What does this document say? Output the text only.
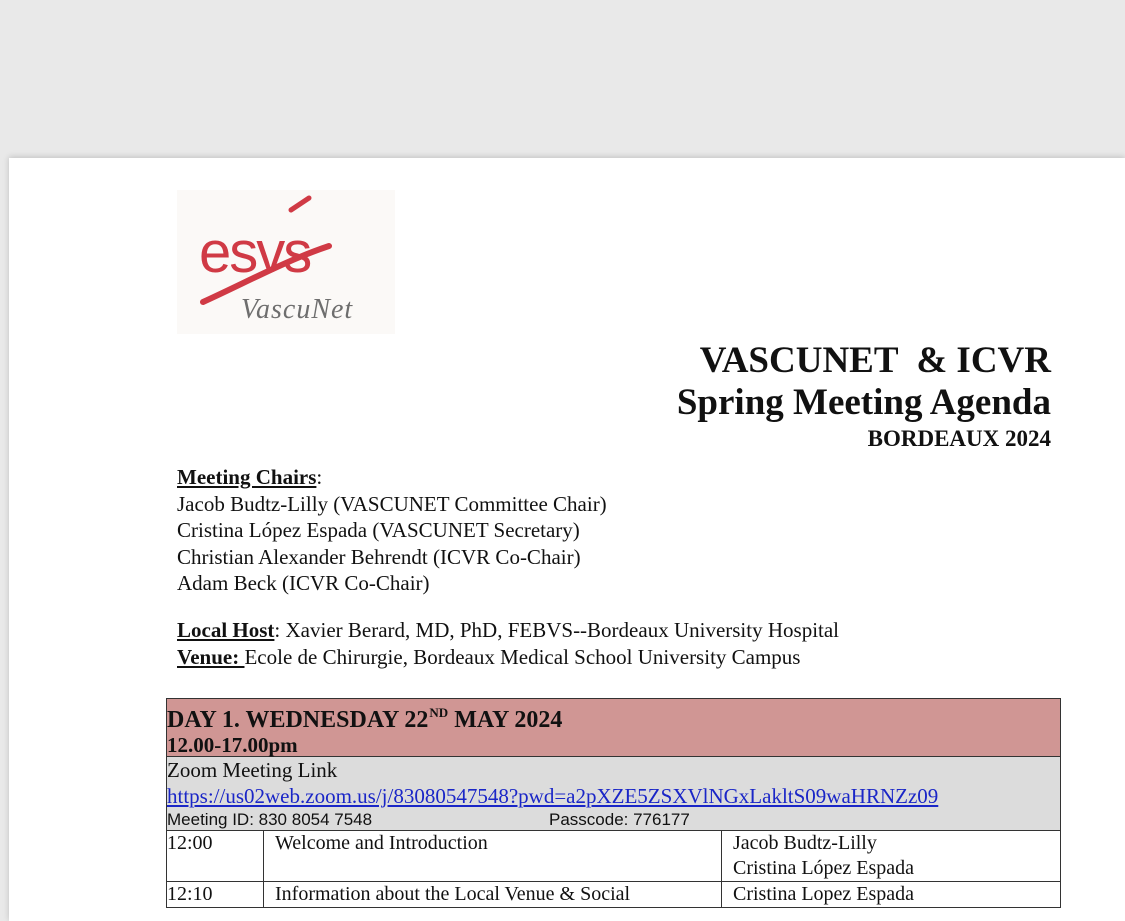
esvs
VascuNet
VASCUNET  & ICVR
Spring Meeting Agenda
BORDEAUX 2024
Meeting Chairs:
Jacob Budtz-Lilly (VASCUNET Committee Chair)
Cristina López Espada (VASCUNET Secretary)
Christian Alexander Behrendt (ICVR Co-Chair)
Adam Beck (ICVR Co-Chair)
Local Host: Xavier Berard, MD, PhD, FEBVS--Bordeaux University Hospital
Venue: Ecole de Chirurgie, Bordeaux Medical School University Campus
DAY 1. WEDNESDAY 22ND MAY 2024
12.00-17.00pm		

Zoom Meeting Link
https://us02web.zoom.us/j/83080547548?pwd=a2pXZE5ZSXVlNGxLakltS09waHRNZz09
Meeting ID: 830 8054 7548 Passcode: 776177		

12:00	Welcome and Introduction	Jacob Budtz-Lilly
Cristina López Espada

12:10	Information about the Local Venue & Social	Cristina Lopez Espada
